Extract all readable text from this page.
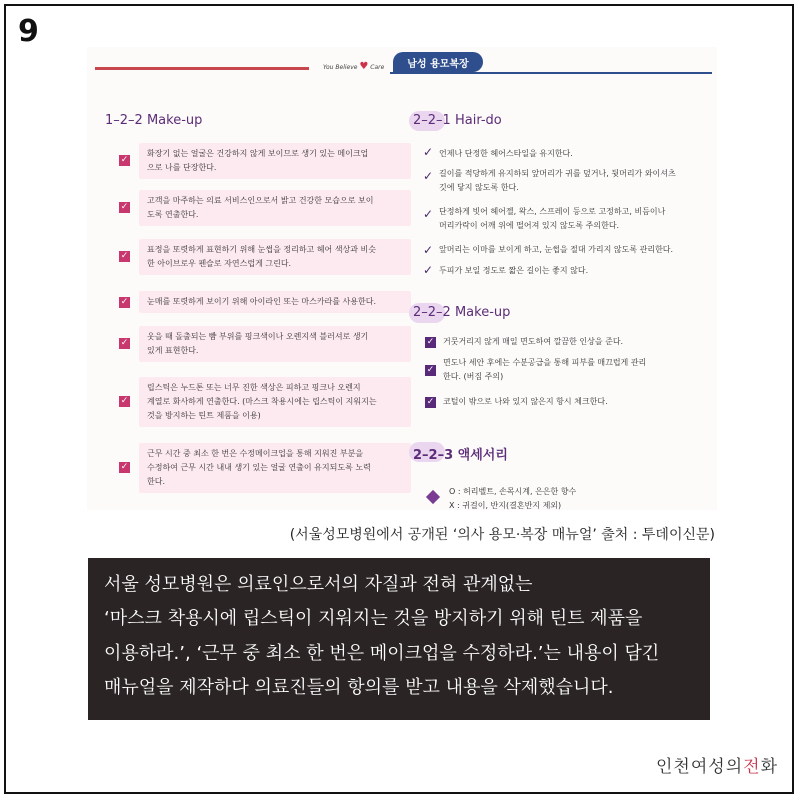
9
You Believe ♥ Care	남성 용모복장
1–2–2 Make-up
✓
화장기 없는 얼굴은 건강하지 않게 보이므로 생기 있는 메이크업
으로 나를 단장한다.
✓
고객을 마주하는 의료 서비스인으로서 밝고 건강한 모습으로 보이
도록 연출한다.
✓
표정을 또렷하게 표현하기 위해 눈썹을 정리하고 헤어 색상과 비슷
한 아이브로우 펜슬로 자연스럽게 그린다.
✓ 눈매를 또렷하게 보이기 위해 아이라인 또는 마스카라를 사용한다.
✓
웃을 때 돌출되는 뺨 부위를 핑크색이나 오렌지색 블러셔로 생기
있게 표현한다.
✓
립스틱은 누드톤 또는 너무 진한 색상은 피하고 핑크나 오렌지
계열로 화사하게 연출한다. (마스크 착용시에는 립스틱이 지워지는
것을 방지하는 틴트 제품을 이용)
✓
근무 시간 중 최소 한 번은 수정메이크업을 통해 지워진 부분을
수정하여 근무 시간 내내 생기 있는 얼굴 연출이 유지되도록 노력
한다.
2–2–1 Hair-do
✓ 언제나 단정한 헤어스타일을 유지한다.
✓ 길이를 적당하게 유지하되 앞머리가 귀를 덮거나, 뒷머리가 와이셔츠
깃에 닿지 않도록 한다.
✓ 단정하게 빗어 헤어젤, 왁스, 스프레이 등으로 고정하고, 비듬이나
머리카락이 어깨 위에 떨어져 있지 않도록 주의한다.
✓ 앞머리는 이마를 보이게 하고, 눈썹을 절대 가리지 않도록 관리한다.
✓ 두피가 보일 정도로 짧은 길이는 좋지 않다.
2–2–2 Make-up
✓ 거뭇거리지 않게 매일 면도하여 깔끔한 인상을 준다.
✓
면도나 세안 후에는 수분공급을 통해 피부를 매끄럽게 관리
한다. (버짐 주의)
✓ 코털이 밖으로 나와 있지 않은지 항시 체크한다.
2–2–3 액세서리
O : 허리벨트, 손목시계, 은은한 향수
X : 귀걸이, 반지(결혼반지 제외)
(서울성모병원에서 공개된 ‘의사 용모·복장 매뉴얼’ 출처 : 투데이신문)
서울 성모병원은 의료인으로서의 자질과 전혀 관계없는
‘마스크 착용시에 립스틱이 지워지는 것을 방지하기 위해 틴트 제품을
이용하라.’, ‘근무 중 최소 한 번은 메이크업을 수정하라.’는 내용이 담긴
매뉴얼을 제작하다 의료진들의 항의를 받고 내용을 삭제했습니다.
인천여성의전화
